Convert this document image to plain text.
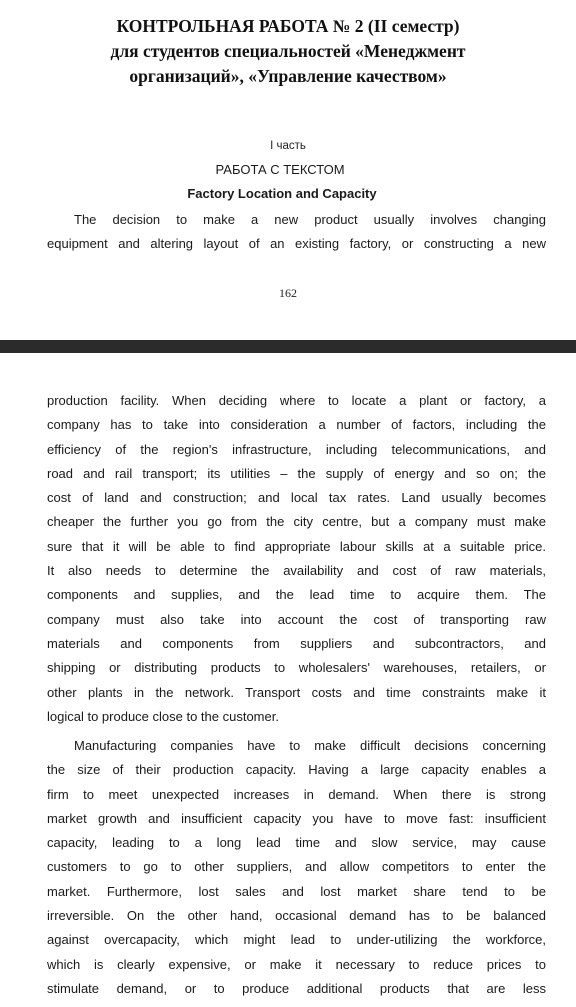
КОНТРОЛЬНАЯ РАБОТА № 2 (II семестр)
для студентов специальностей «Менеджмент
организаций», «Управление качеством»
I часть
РАБОТА С ТЕКСТОМ
Factory Location and Capacity
The decision to make a new product usually involves changing
equipment and altering layout of an existing factory, or constructing a new
162
production facility. When deciding where to locate a plant or factory, a
company has to take into consideration a number of factors, including the
efficiency of the region's infrastructure, including telecommunications, and
road and rail transport; its utilities – the supply of energy and so on; the
cost of land and construction; and local tax rates. Land usually becomes
cheaper the further you go from the city centre, but a company must make
sure that it will be able to find appropriate labour skills at a suitable price.
It also needs to determine the availability and cost of raw materials,
components and supplies, and the lead time to acquire them. The
company must also take into account the cost of transporting raw
materials and components from suppliers and subcontractors, and
shipping or distributing products to wholesalers' warehouses, retailers, or
other plants in the network. Transport costs and time constraints make it
logical to produce close to the customer.
Manufacturing companies have to make difficult decisions concerning
the size of their production capacity. Having a large capacity enables a
firm to meet unexpected increases in demand. When there is strong
market growth and insufficient capacity you have to move fast: insufficient
capacity, leading to a long lead time and slow service, may cause
customers to go to other suppliers, and allow competitors to enter the
market. Furthermore, lost sales and lost market share tend to be
irreversible. On the other hand, occasional demand has to be balanced
against overcapacity, which might lead to under-utilizing the workforce,
which is clearly expensive, or make it necessary to reduce prices to
stimulate demand, or to produce additional products that are less
